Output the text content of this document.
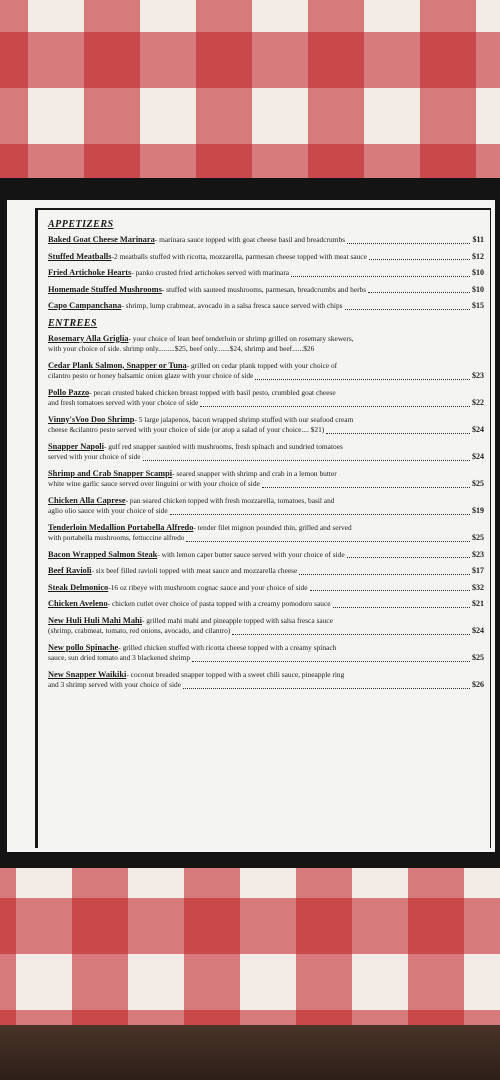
APPETIZERS
Baked Goat Cheese Marinara - marinara sauce topped with goat cheese basil and breadcrumbs	$11
Stuffed Meatballs -2 meatballs stuffed with ricotta, mozzarella, parmesan cheese topped with meat sauce	$12
Fried Artichoke Hearts - panko crusted fried artichokes served with marinara	$10
Homemade Stuffed Mushrooms - stuffed with sauteed mushrooms, parmesan, breadcrumbs and herbs	$10
Capo Campanchana - shrimp, lump crabmeat, avocado in a salsa fresca sauce served with chips	$15
ENTREES
Rosemary Alla Griglia - your choice of lean beef tenderloin or shrimp grilled on rosemary skewers,
with your choice of side. shrimp only.........$25, beef only.......$24, shrimp and beef......$26
Cedar Plank Salmon, Snapper or Tuna - grilled on cedar plank topped with your choice of
cilantro pesto or honey balsamic onion glaze with your choice of side	$23
Pollo Pazzo - pecan crusted baked chicken breast topped with basil pesto, crumbled goat cheese
and fresh tomatoes served with your choice of side	$22
Vinny'sVoo Doo Shrimp - 5 large jalapenos, bacon wrapped shrimp stuffed with our seafood cream
cheese &cilantro pesto served with your choice of side (or atop a salad of your choice.... $21)	$24
Snapper Napoli - gulf red snapper sautéed with mushrooms, fresh spinach and sundried tomatoes
served with your choice of side	$24
Shrimp and Crab Snapper Scampi - seared snapper with shrimp and crab in a lemon butter
white wine garlic sauce served over linguini or with your choice of side	$25
Chicken Alla Caprese - pan seared chicken topped with fresh mozzarella, tomatoes, basil and
aglio olio sauce with your choice of side	$19
Tenderloin Medallion Portabella Alfredo - tender filet mignon pounded thin, grilled and served
with portabella mushrooms, fettuccine alfredo	$25
Bacon Wrapped Salmon Steak - with lemon caper butter sauce served with your choice of side	$23
Beef Ravioli - six beef filled ravioli topped with meat sauce and mozzarella cheese	$17
Steak Delmonico -16 oz ribeye with mushroom cognac sauce and your choice of side	$32
Chicken Aveleno - chicken cutlet over choice of pasta topped with a creamy pomodoro sauce	$21
New Huli Huli Mahi Mahi - grilled mahi mahi and pineapple topped with salsa fresca sauce
(shrimp, crabmeat, tomato, red onions, avocado, and cilantro)	$24
New pollo Spinache - grilled chicken stuffed with ricotta cheese topped with a creamy spinach
sauce, sun dried tomato and 3 blackened shrimp	$25
New Snapper Waikiki - coconut breaded snapper topped with a sweet chili sauce, pineapple ring
and 3 shrimp served with your choice of side	$26
